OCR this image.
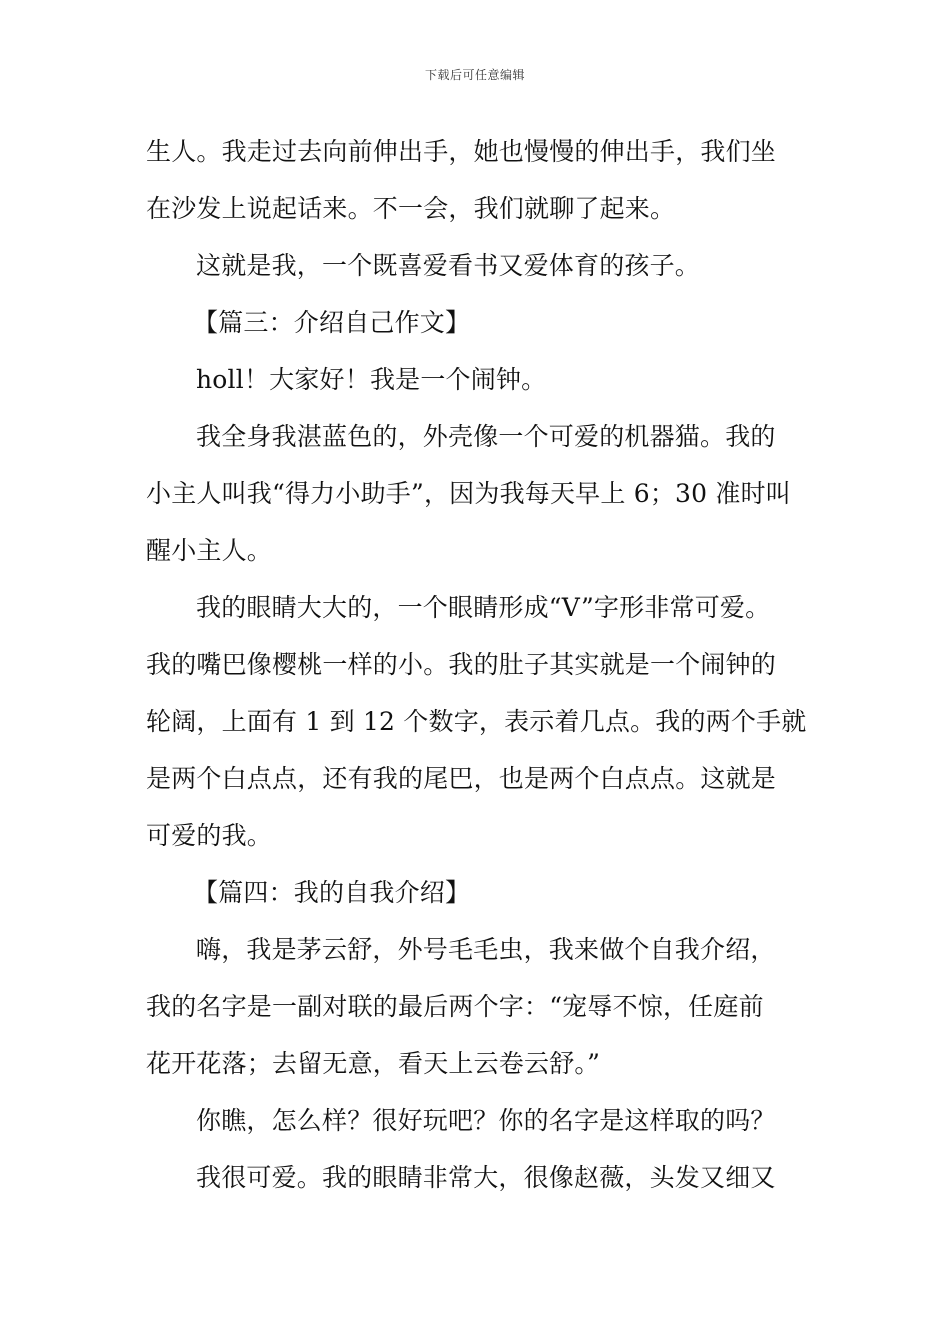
下载后可任意编辑
生人。我走过去向前伸出手，她也慢慢的伸出手，我们坐
在沙发上说起话来。不一会，我们就聊了起来。
这就是我，一个既喜爱看书又爱体育的孩子。
【篇三：介绍自己作文】
holl！大家好！我是一个闹钟。
我全身我湛蓝色的，外壳像一个可爱的机器猫。我的
小主人叫我“得力小助手”，因为我每天早上 6；30 准时叫
醒小主人。
我的眼睛大大的，一个眼睛形成“V”字形非常可爱。
我的嘴巴像樱桃一样的小。我的肚子其实就是一个闹钟的
轮阔，上面有 1 到 12 个数字，表示着几点。我的两个手就
是两个白点点，还有我的尾巴，也是两个白点点。这就是
可爱的我。
【篇四：我的自我介绍】
嗨，我是茅云舒，外号毛毛虫，我来做个自我介绍，
我的名字是一副对联的最后两个字：“宠辱不惊，任庭前
花开花落；去留无意，看天上云卷云舒。”
你瞧，怎么样？很好玩吧？你的名字是这样取的吗？
我很可爱。我的眼睛非常大，很像赵薇，头发又细又
